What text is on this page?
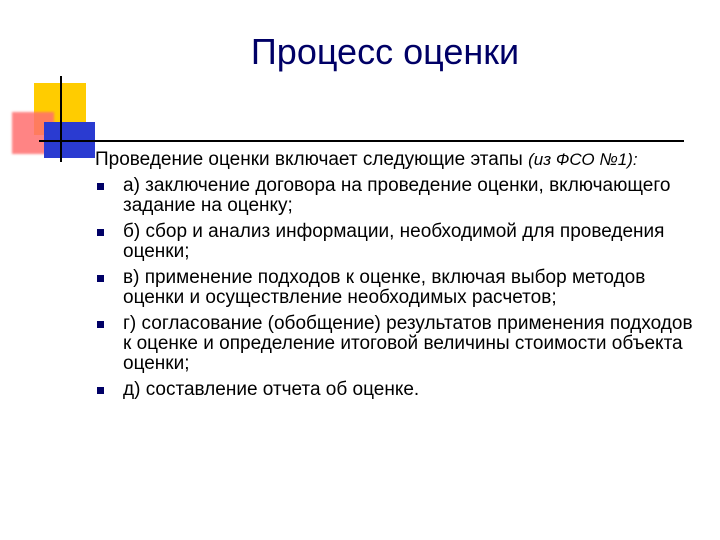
Процесс оценки

Проведение оценки включает следующие этапы (из ФСО №1):

а) заключение договора на проведение оценки, включающего задание на оценку;
б) сбор и анализ информации, необходимой для проведения оценки;
в) применение подходов к оценке, включая выбор методов оценки и осуществление необходимых расчетов;
г) согласование (обобщение) результатов применения подходов к оценке и определение итоговой величины стоимости объекта оценки;
д) составление отчета об оценке.
